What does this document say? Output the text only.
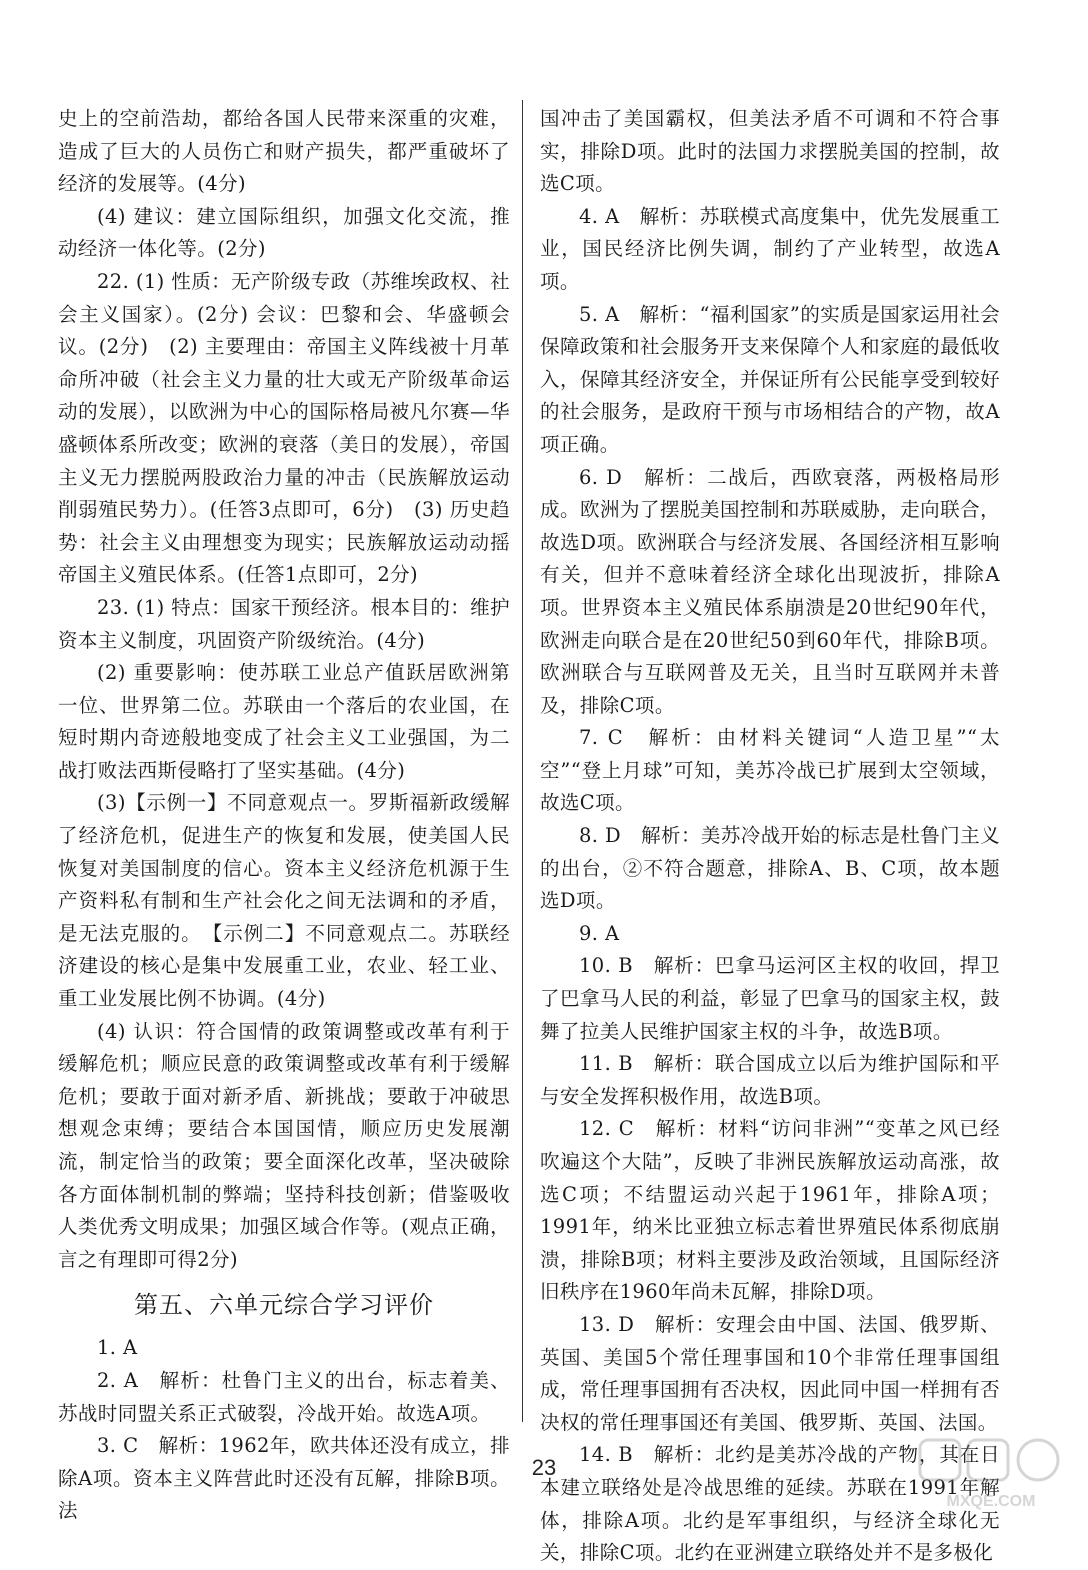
史上的空前浩劫，都给各国人民带来深重的灾难，造成了巨大的人员伤亡和财产损失，都严重破坏了经济的发展等。(4分)

(4) 建议：建立国际组织，加强文化交流，推动经济一体化等。(2分)

22. (1) 性质：无产阶级专政（苏维埃政权、社会主义国家）。(2分) 会议：巴黎和会、华盛顿会议。(2分)　(2) 主要理由：帝国主义阵线被十月革命所冲破（社会主义力量的壮大或无产阶级革命运动的发展），以欧洲为中心的国际格局被凡尔赛—华盛顿体系所改变；欧洲的衰落（美日的发展），帝国主义无力摆脱两股政治力量的冲击（民族解放运动削弱殖民势力）。(任答3点即可，6分)　(3) 历史趋势：社会主义由理想变为现实；民族解放运动动摇帝国主义殖民体系。(任答1点即可，2分)

23. (1) 特点：国家干预经济。根本目的：维护资本主义制度，巩固资产阶级统治。(4分)

(2) 重要影响：使苏联工业总产值跃居欧洲第一位、世界第二位。苏联由一个落后的农业国，在短时期内奇迹般地变成了社会主义工业强国，为二战打败法西斯侵略打了坚实基础。(4分)

(3)【示例一】不同意观点一。罗斯福新政缓解了经济危机，促进生产的恢复和发展，使美国人民恢复对美国制度的信心。资本主义经济危机源于生产资料私有制和生产社会化之间无法调和的矛盾，是无法克服的。　【示例二】不同意观点二。苏联经济建设的核心是集中发展重工业，农业、轻工业、重工业发展比例不协调。(4分)

(4) 认识：符合国情的政策调整或改革有利于缓解危机；顺应民意的政策调整或改革有利于缓解危机；要敢于面对新矛盾、新挑战；要敢于冲破思想观念束缚；要结合本国国情，顺应历史发展潮流，制定恰当的政策；要全面深化改革，坚决破除各方面体制机制的弊端；坚持科技创新；借鉴吸收人类优秀文明成果；加强区域合作等。(观点正确，言之有理即可得2分)

第五、六单元综合学习评价

1. A

2. A　解析：杜鲁门主义的出台，标志着美、苏战时同盟关系正式破裂，冷战开始。故选A项。

3. C　解析：1962年，欧共体还没有成立，排除A项。资本主义阵营此时还没有瓦解，排除B项。法

国冲击了美国霸权，但美法矛盾不可调和不符合事实，排除D项。此时的法国力求摆脱美国的控制，故选C项。

4. A　解析：苏联模式高度集中，优先发展重工业，国民经济比例失调，制约了产业转型，故选A项。

5. A　解析：“福利国家”的实质是国家运用社会保障政策和社会服务开支来保障个人和家庭的最低收入，保障其经济安全，并保证所有公民能享受到较好的社会服务，是政府干预与市场相结合的产物，故A项正确。

6. D　解析：二战后，西欧衰落，两极格局形成。欧洲为了摆脱美国控制和苏联威胁，走向联合，故选D项。欧洲联合与经济发展、各国经济相互影响有关，但并不意味着经济全球化出现波折，排除A项。世界资本主义殖民体系崩溃是20世纪90年代，欧洲走向联合是在20世纪50到60年代，排除B项。欧洲联合与互联网普及无关，且当时互联网并未普及，排除C项。

7. C　解析：由材料关键词“人造卫星”“太空”“登上月球”可知，美苏冷战已扩展到太空领域，故选C项。

8. D　解析：美苏冷战开始的标志是杜鲁门主义的出台，②不符合题意，排除A、B、C项，故本题选D项。

9. A

10. B　解析：巴拿马运河区主权的收回，捍卫了巴拿马人民的利益，彰显了巴拿马的国家主权，鼓舞了拉美人民维护国家主权的斗争，故选B项。

11. B　解析：联合国成立以后为维护国际和平与安全发挥积极作用，故选B项。

12. C　解析：材料“访问非洲”“变革之风已经吹遍这个大陆”，反映了非洲民族解放运动高涨，故选C项；不结盟运动兴起于1961年，排除A项；1991年，纳米比亚独立标志着世界殖民体系彻底崩溃，排除B项；材料主要涉及政治领域，且国际经济旧秩序在1960年尚未瓦解，排除D项。

13. D　解析：安理会由中国、法国、俄罗斯、英国、美国5个常任理事国和10个非常任理事国组成，常任理事国拥有否决权，因此同中国一样拥有否决权的常任理事国还有美国、俄罗斯、英国、法国。

14. B　解析：北约是美苏冷战的产物，其在日本建立联络处是冷战思维的延续。苏联在1991年解体，排除A项。北约是军事组织，与经济全球化无关，排除C项。北约在亚洲建立联络处并不是多极化

23
MXQE.COM
